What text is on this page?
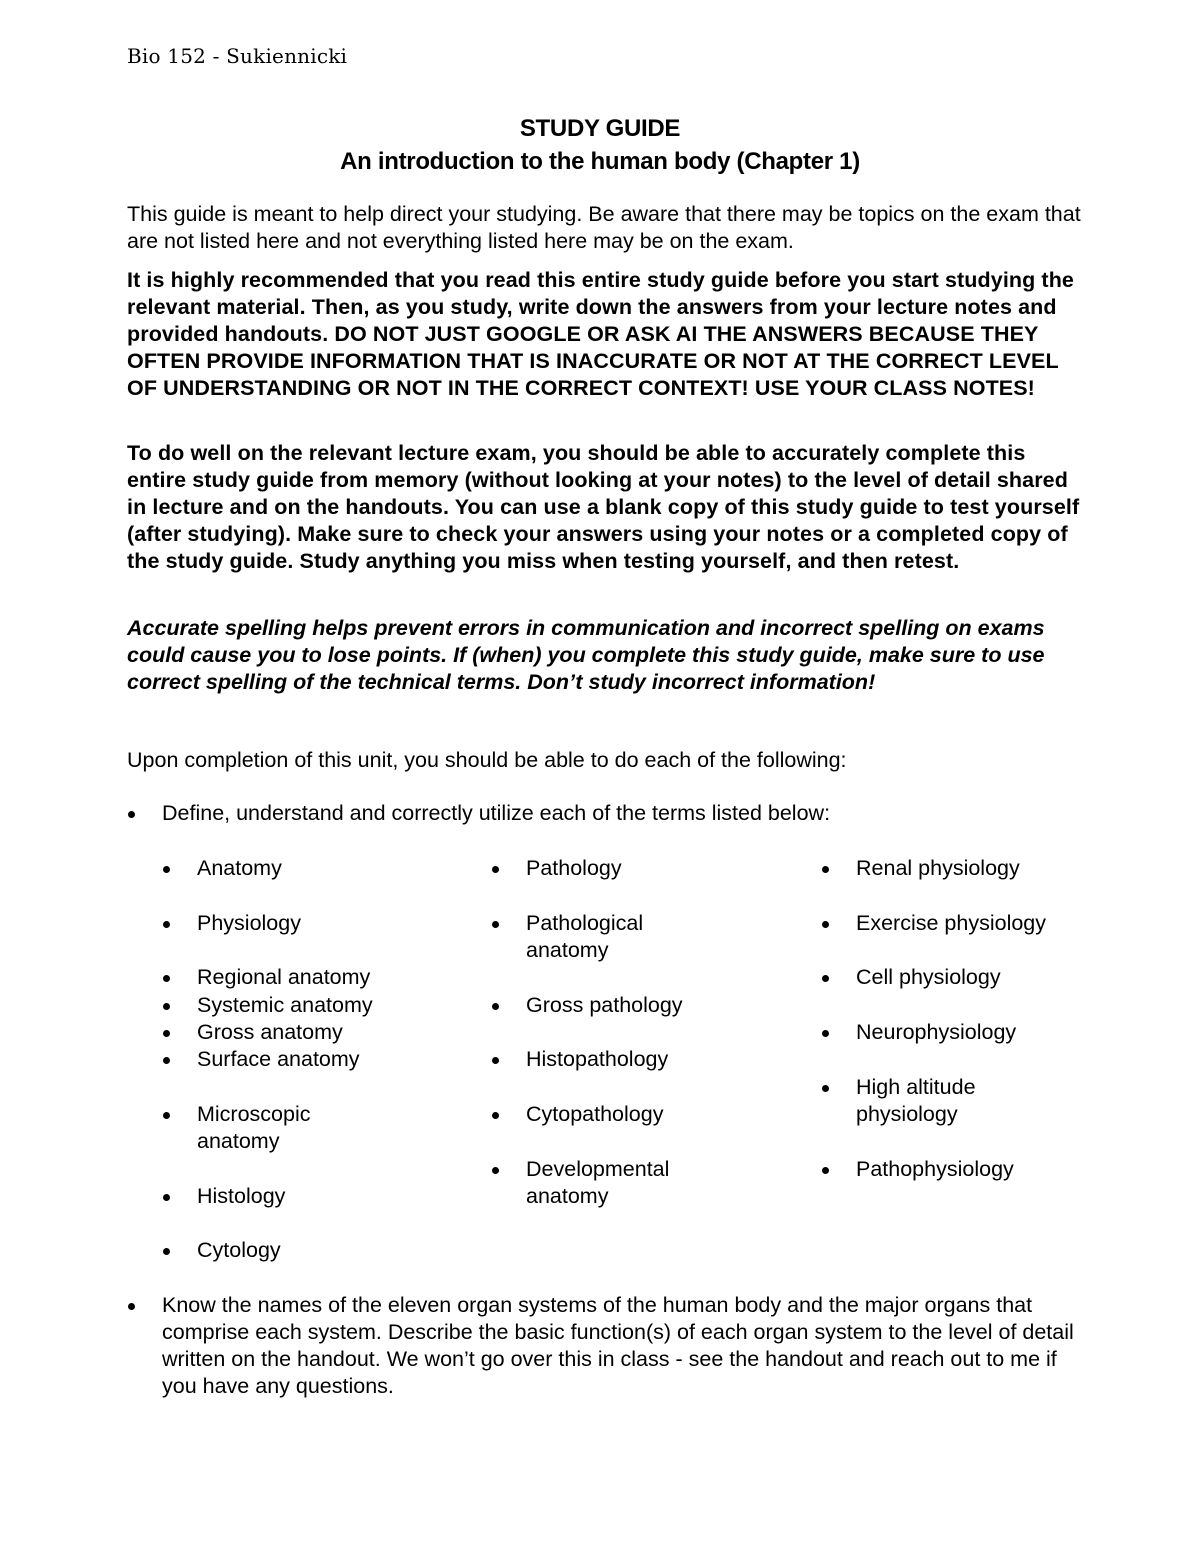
Bio 152 - Sukiennicki
STUDY GUIDE
An introduction to the human body (Chapter 1)
This guide is meant to help direct your studying. Be aware that there may be topics on the exam that are not listed here and not everything listed here may be on the exam.
It is highly recommended that you read this entire study guide before you start studying the relevant material. Then, as you study, write down the answers from your lecture notes and provided handouts. DO NOT JUST GOOGLE OR ASK AI THE ANSWERS BECAUSE THEY OFTEN PROVIDE INFORMATION THAT IS INACCURATE OR NOT AT THE CORRECT LEVEL OF UNDERSTANDING OR NOT IN THE CORRECT CONTEXT! USE YOUR CLASS NOTES!
To do well on the relevant lecture exam, you should be able to accurately complete this entire study guide from memory (without looking at your notes) to the level of detail shared in lecture and on the handouts. You can use a blank copy of this study guide to test yourself (after studying). Make sure to check your answers using your notes or a completed copy of the study guide. Study anything you miss when testing yourself, and then retest.
Accurate spelling helps prevent errors in communication and incorrect spelling on exams could cause you to lose points. If (when) you complete this study guide, make sure to use correct spelling of the technical terms. Don’t study incorrect information!
Upon completion of this unit, you should be able to do each of the following:
Define, understand and correctly utilize each of the terms listed below:
Anatomy
Physiology
Regional anatomy
Systemic anatomy
Gross anatomy
Surface anatomy
Microscopic anatomy
Histology
Cytology
Pathology
Pathological anatomy
Gross pathology
Histopathology
Cytopathology
Developmental anatomy
Renal physiology
Exercise physiology
Cell physiology
Neurophysiology
High altitude physiology
Pathophysiology
Know the names of the eleven organ systems of the human body and the major organs that comprise each system. Describe the basic function(s) of each organ system to the level of detail written on the handout. We won’t go over this in class - see the handout and reach out to me if you have any questions.
